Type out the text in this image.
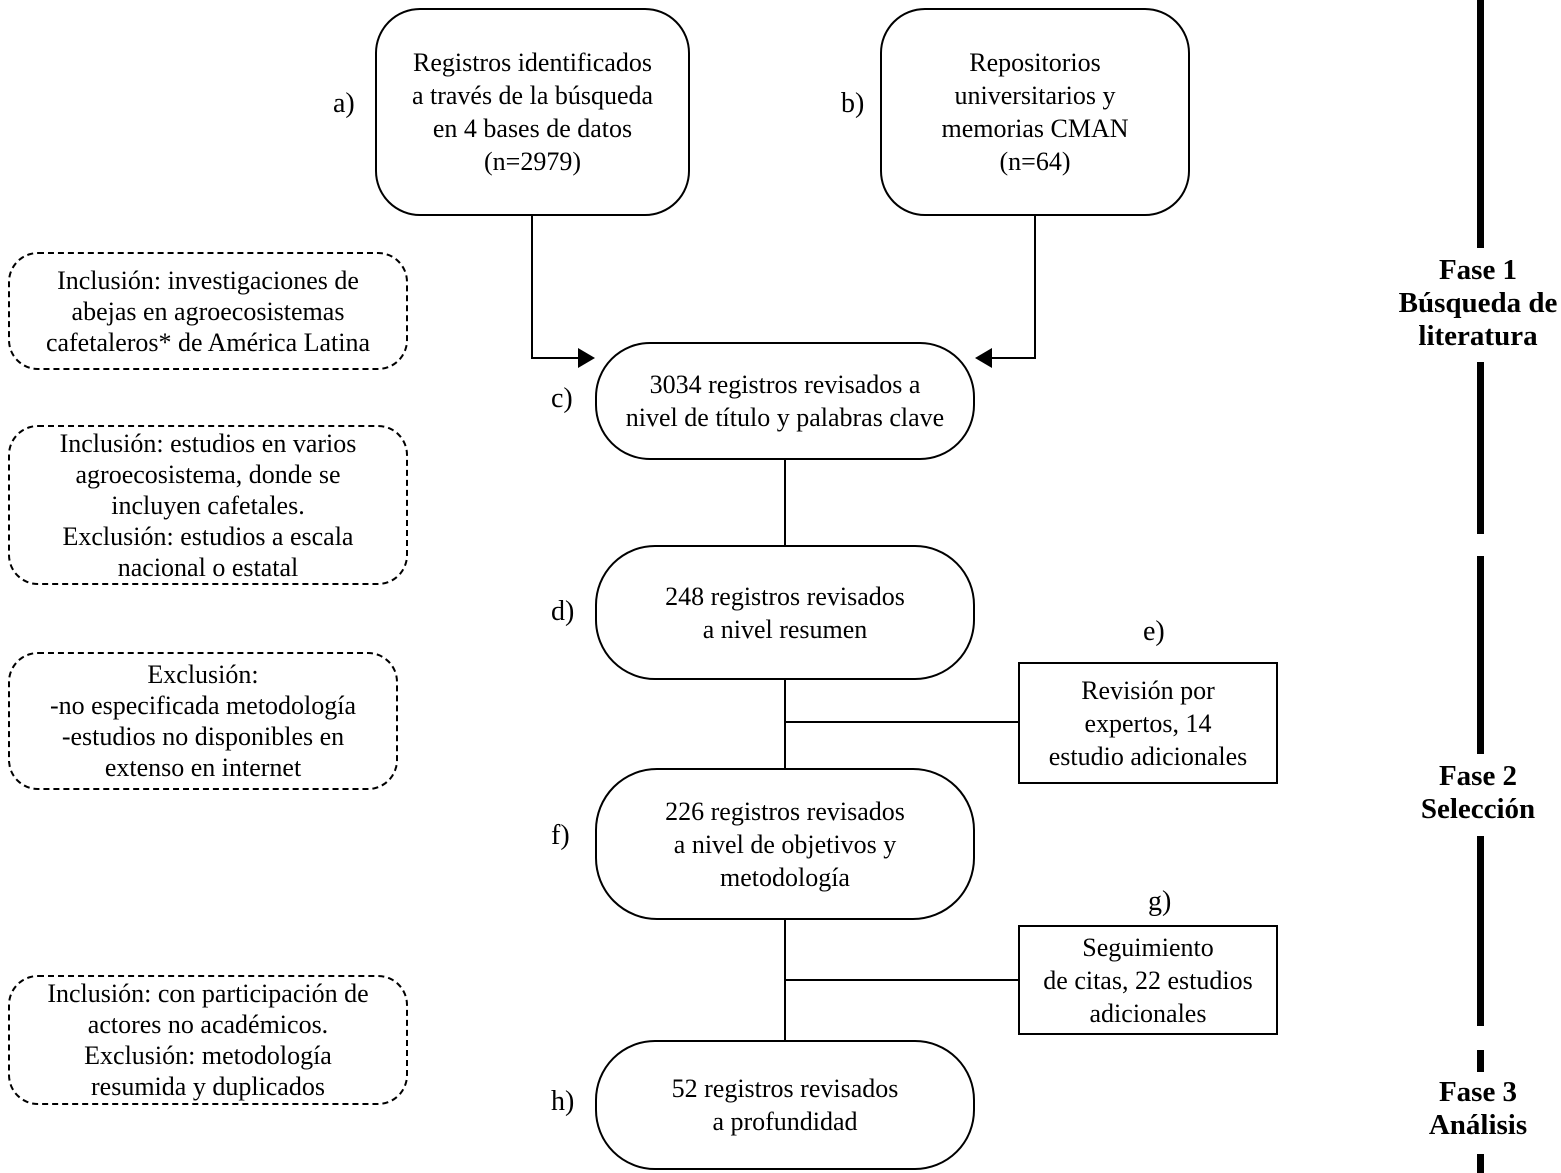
a)
Registros identificados
a través de la búsqueda
en 4 bases de datos
(n=2979)
b)
Repositorios
universitarios y
memorias CMAN
(n=64)
c)	3034 registros revisados a
nivel de título y palabras clave
d)	248 registros revisados
a nivel resumen	e)
Revisión por
expertos, 14
estudio adicionales
f)
226 registros revisados
a nivel de objetivos y
metodología
g)
Seguimiento
de citas, 22 estudios
adicionales
h)	52 registros revisados
a profundidad
Inclusión: investigaciones de
abejas en agroecosistemas
cafetaleros* de América Latina
Inclusión: estudios en varios
agroecosistema, donde se
incluyen cafetales.
Exclusión: estudios a escala
nacional o estatal
Exclusión:
-no especificada metodología
-estudios no disponibles en
extenso en internet
Inclusión: con participación de
actores no académicos.
Exclusión: metodología
resumida y duplicados
Fase 1
Búsqueda de
literatura
Fase 2
Selección
Fase 3
Análisis
